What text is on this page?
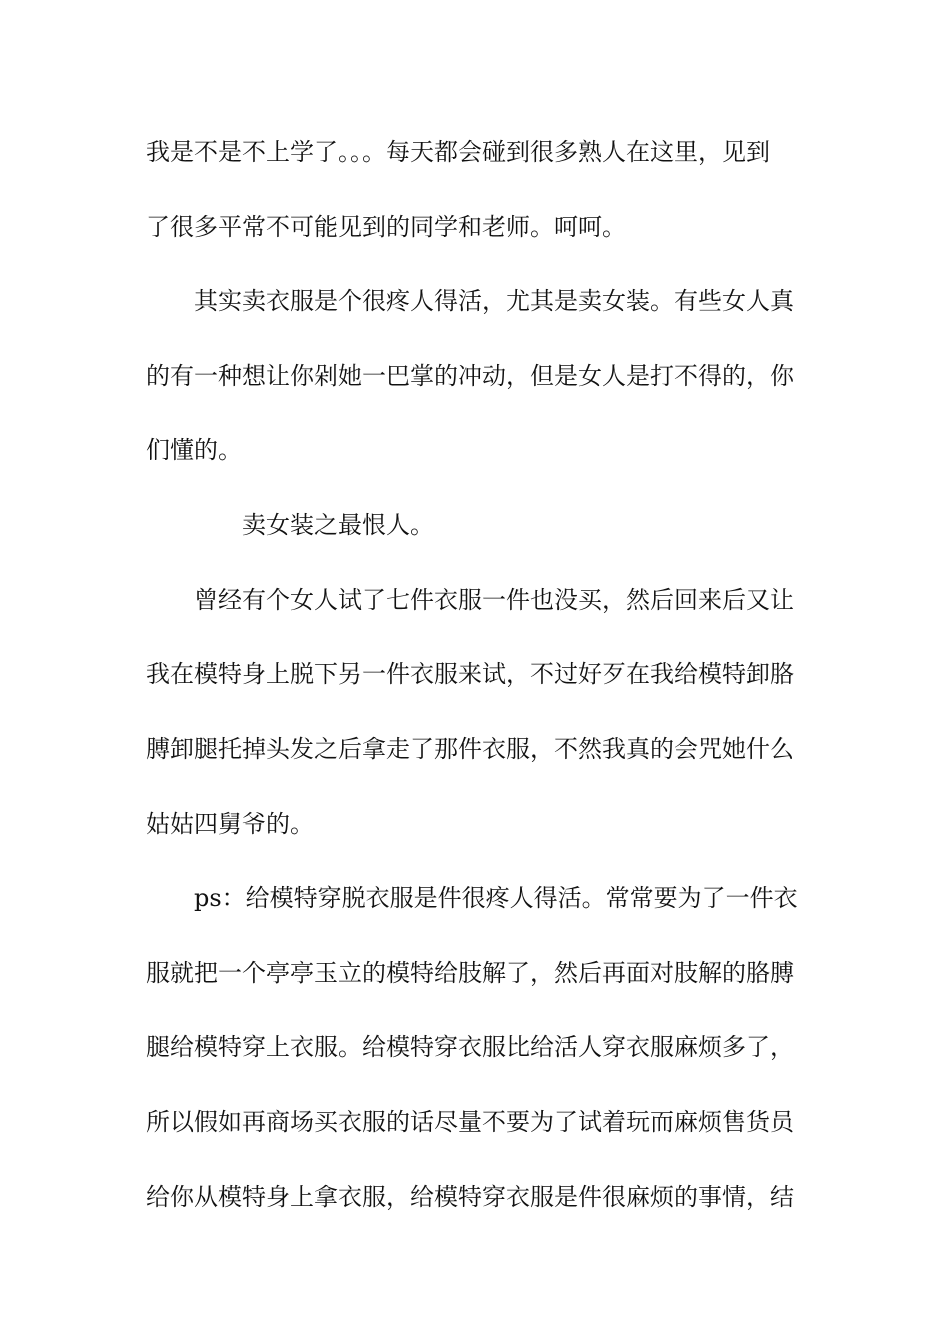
我是不是不上学了。。。每天都会碰到很多熟人在这里，见到
了很多平常不可能见到的同学和老师。呵呵。
其实卖衣服是个很疼人得活，尤其是卖女装。有些女人真
的有一种想让你剁她一巴掌的冲动，但是女人是打不得的，你
们懂的。
卖女装之最恨人。
曾经有个女人试了七件衣服一件也没买，然后回来后又让
我在模特身上脱下另一件衣服来试，不过好歹在我给模特卸胳
膊卸腿托掉头发之后拿走了那件衣服，不然我真的会咒她什么
姑姑四舅爷的。
ps：给模特穿脱衣服是件很疼人得活。常常要为了一件衣
服就把一个亭亭玉立的模特给肢解了，然后再面对肢解的胳膊
腿给模特穿上衣服。给模特穿衣服比给活人穿衣服麻烦多了，
所以假如再商场买衣服的话尽量不要为了试着玩而麻烦售货员
给你从模特身上拿衣服，给模特穿衣服是件很麻烦的事情，结
